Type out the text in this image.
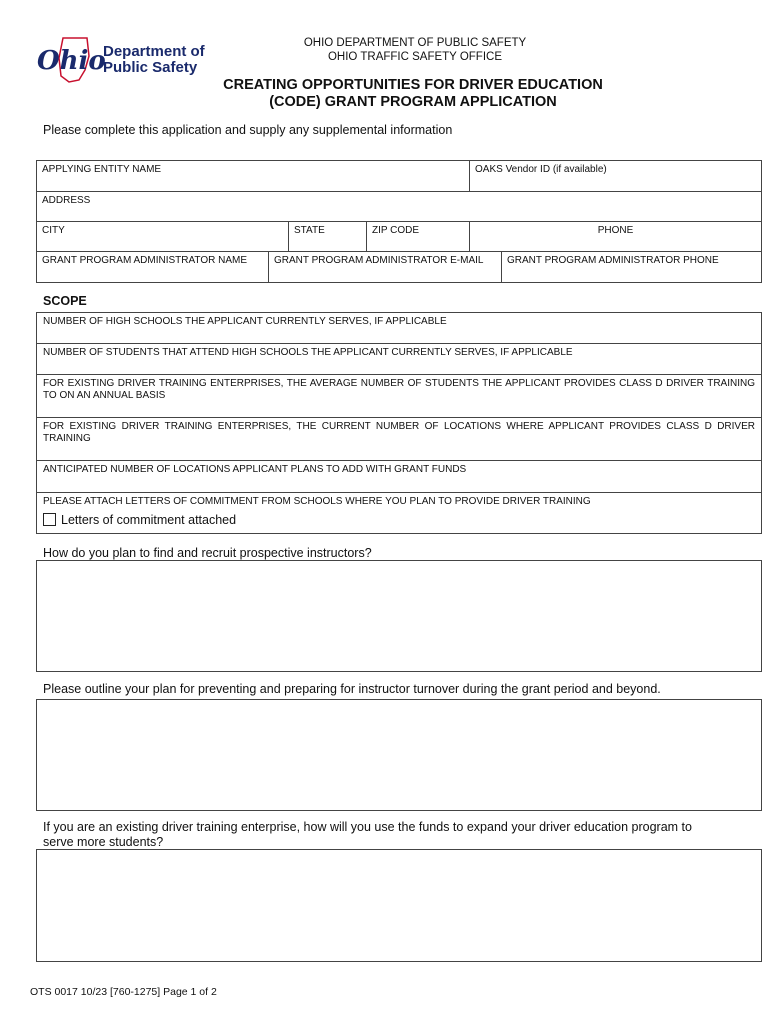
Ohio
Department of
Public Safety
OHIO DEPARTMENT OF PUBLIC SAFETY
OHIO TRAFFIC SAFETY OFFICE
CREATING OPPORTUNITIES FOR DRIVER EDUCATION
(CODE) GRANT PROGRAM APPLICATION
Please complete this application and supply any supplemental information
APPLYING ENTITY NAME	OAKS Vendor ID (if available)
ADDRESS
CITY	STATE	ZIP CODE	PHONE
GRANT PROGRAM ADMINISTRATOR NAME	GRANT PROGRAM ADMINISTRATOR E-MAIL	GRANT PROGRAM ADMINISTRATOR PHONE
SCOPE
NUMBER OF HIGH SCHOOLS THE APPLICANT CURRENTLY SERVES, IF APPLICABLE
NUMBER OF STUDENTS THAT ATTEND HIGH SCHOOLS THE APPLICANT CURRENTLY SERVES, IF APPLICABLE
FOR EXISTING DRIVER TRAINING ENTERPRISES, THE AVERAGE NUMBER OF STUDENTS THE APPLICANT PROVIDES CLASS D DRIVER TRAINING TO ON AN ANNUAL BASIS
FOR EXISTING DRIVER TRAINING ENTERPRISES, THE CURRENT NUMBER OF LOCATIONS WHERE APPLICANT PROVIDES CLASS D DRIVER TRAINING
ANTICIPATED NUMBER OF LOCATIONS APPLICANT PLANS TO ADD WITH GRANT FUNDS
PLEASE ATTACH LETTERS OF COMMITMENT FROM SCHOOLS WHERE YOU PLAN TO PROVIDE DRIVER TRAINING
Letters of commitment attached
How do you plan to find and recruit prospective instructors?
Please outline your plan for preventing and preparing for instructor turnover during the grant period and beyond.
If you are an existing driver training enterprise, how will you use the funds to expand your driver education program to serve more students?
OTS 0017 10/23 [760-1275] Page 1 of 2
